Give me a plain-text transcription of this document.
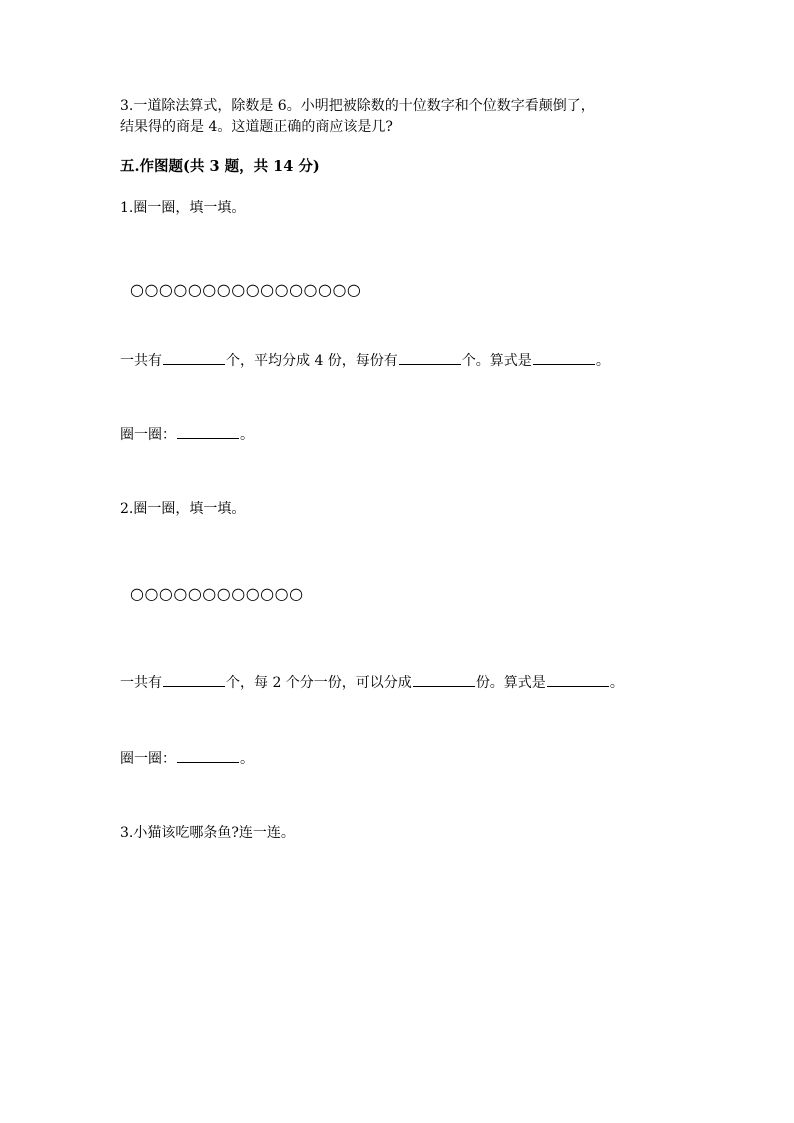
3.一道除法算式，除数是 6。小明把被除数的十位数字和个位数字看颠倒了，
结果得的商是 4。这道题正确的商应该是几?
五.作图题(共 3 题，共 14 分)
1.圈一圈，填一填。
○○○○○○○○○○○○○○○○
一共有	个，平均分成 4 份，每份有	个。算式是	。
圈一圈：	。
2.圈一圈，填一填。
○○○○○○○○○○○○
一共有	个，每 2 个分一份，可以分成	份。算式是	。
圈一圈：	。
3.小猫该吃哪条鱼?连一连。
